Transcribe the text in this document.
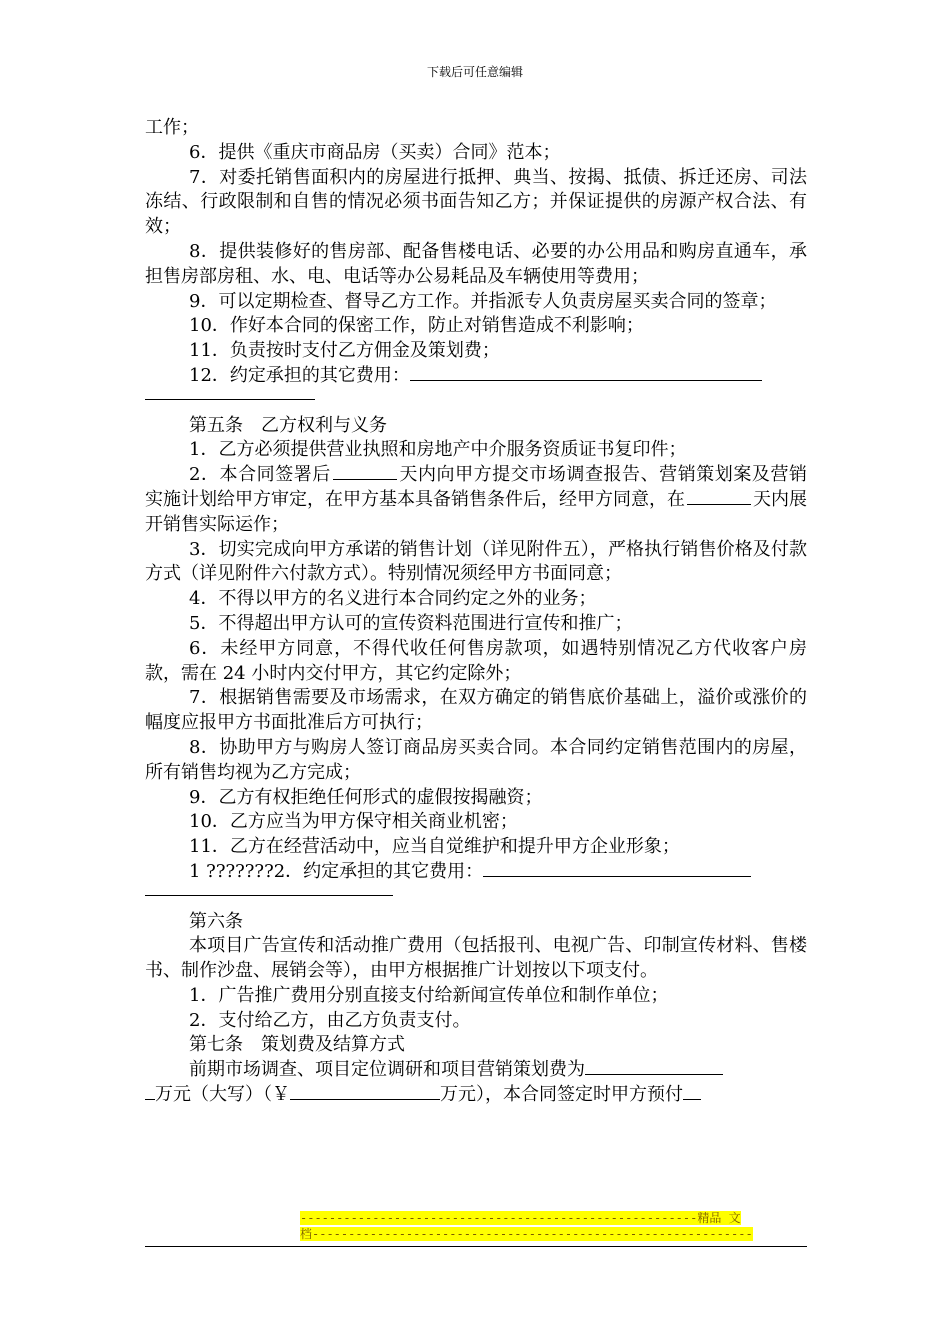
下载后可任意编辑

工作；

6．提供《重庆市商品房（买卖）合同》范本；

7．对委托销售面积内的房屋进行抵押、典当、按揭、抵债、拆迁还房、司法冻结、行政限制和自售的情况必须书面告知乙方；并保证提供的房源产权合法、有效；

8．提供装修好的售房部、配备售楼电话、必要的办公用品和购房直通车，承担售房部房租、水、电、电话等办公易耗品及车辆使用等费用；

9．可以定期检查、督导乙方工作。并指派专人负责房屋买卖合同的签章；

10．作好本合同的保密工作，防止对销售造成不利影响；

11．负责按时支付乙方佣金及策划费；

12．约定承担的其它费用：

第五条　乙方权利与义务

1．乙方必须提供营业执照和房地产中介服务资质证书复印件；

2．本合同签署后	天内向甲方提交市场调查报告、营销策划案及营销实施计划给甲方审定，在甲方基本具备销售条件后，经甲方同意，在	天内展开销售实际运作；

3．切实完成向甲方承诺的销售计划（详见附件五），严格执行销售价格及付款方式（详见附件六付款方式）。特别情况须经甲方书面同意；

4．不得以甲方的名义进行本合同约定之外的业务；

5．不得超出甲方认可的宣传资料范围进行宣传和推广；

6．未经甲方同意，不得代收任何售房款项，如遇特别情况乙方代收客户房款，需在 24 小时内交付甲方，其它约定除外；

7．根据销售需要及市场需求，在双方确定的销售底价基础上，溢价或涨价的幅度应报甲方书面批准后方可执行；

8．协助甲方与购房人签订商品房买卖合同。本合同约定销售范围内的房屋，所有销售均视为乙方完成；

9．乙方有权拒绝任何形式的虚假按揭融资；

10．乙方应当为甲方保守相关商业机密；

11．乙方在经营活动中，应当自觉维护和提升甲方企业形象；

1 ???????2．约定承担的其它费用：

第六条

本项目广告宣传和活动推广费用（包括报刊、电视广告、印制宣传材料、售楼书、制作沙盘、展销会等），由甲方根据推广计划按以下项支付。

1．广告推广费用分别直接支付给新闻宣传单位和制作单位；

2．支付给乙方，由乙方负责支付。

第七条　策划费及结算方式

前期市场调查、项目定位调研和项目营销策划费为

万元（大写）（￥	万元），本合同签定时甲方预付

-------------------------------------------------------精品 文
档-------------------------------------------------------------
